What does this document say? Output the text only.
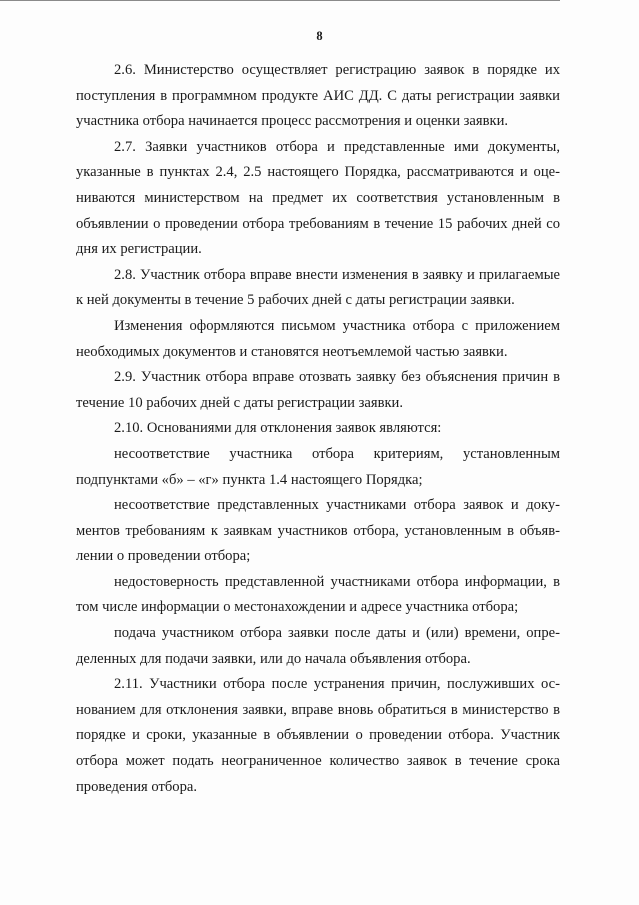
8

2.6. Министерство осуществляет регистрацию заявок в порядке их поступления в программном продукте АИС ДД. С даты регистрации заявки участника отбора начинается процесс рассмотрения и оценки заявки.

2.7. Заявки участников отбора и представленные ими документы, указанные в пунктах 2.4, 2.5 настоящего Порядка, рассматриваются и оцениваются министерством на предмет их соответствия установленным в объявлении о проведении отбора требованиям в течение 15 рабочих дней со дня их регистрации.

2.8. Участник отбора вправе внести изменения в заявку и прилагаемые к ней документы в течение 5 рабочих дней с даты регистрации заявки.

Изменения оформляются письмом участника отбора с приложением необходимых документов и становятся неотъемлемой частью заявки.

2.9. Участник отбора вправе отозвать заявку без объяснения причин в течение 10 рабочих дней с даты регистрации заявки.

2.10. Основаниями для отклонения заявок являются:

несоответствие участника отбора критериям, установленным подпунктами «б» – «г» пункта 1.4 настоящего Порядка;

несоответствие представленных участниками отбора заявок и документов требованиям к заявкам участников отбора, установленным в объявлении о проведении отбора;

недостоверность представленной участниками отбора информации, в том числе информации о местонахождении и адресе участника отбора;

подача участником отбора заявки после даты и (или) времени, определенных для подачи заявки, или до начала объявления отбора.

2.11. Участники отбора после устранения причин, послуживших основанием для отклонения заявки, вправе вновь обратиться в министерство в порядке и сроки, указанные в объявлении о проведении отбора. Участник отбора может подать неограниченное количество заявок в течение срока проведения отбора.
